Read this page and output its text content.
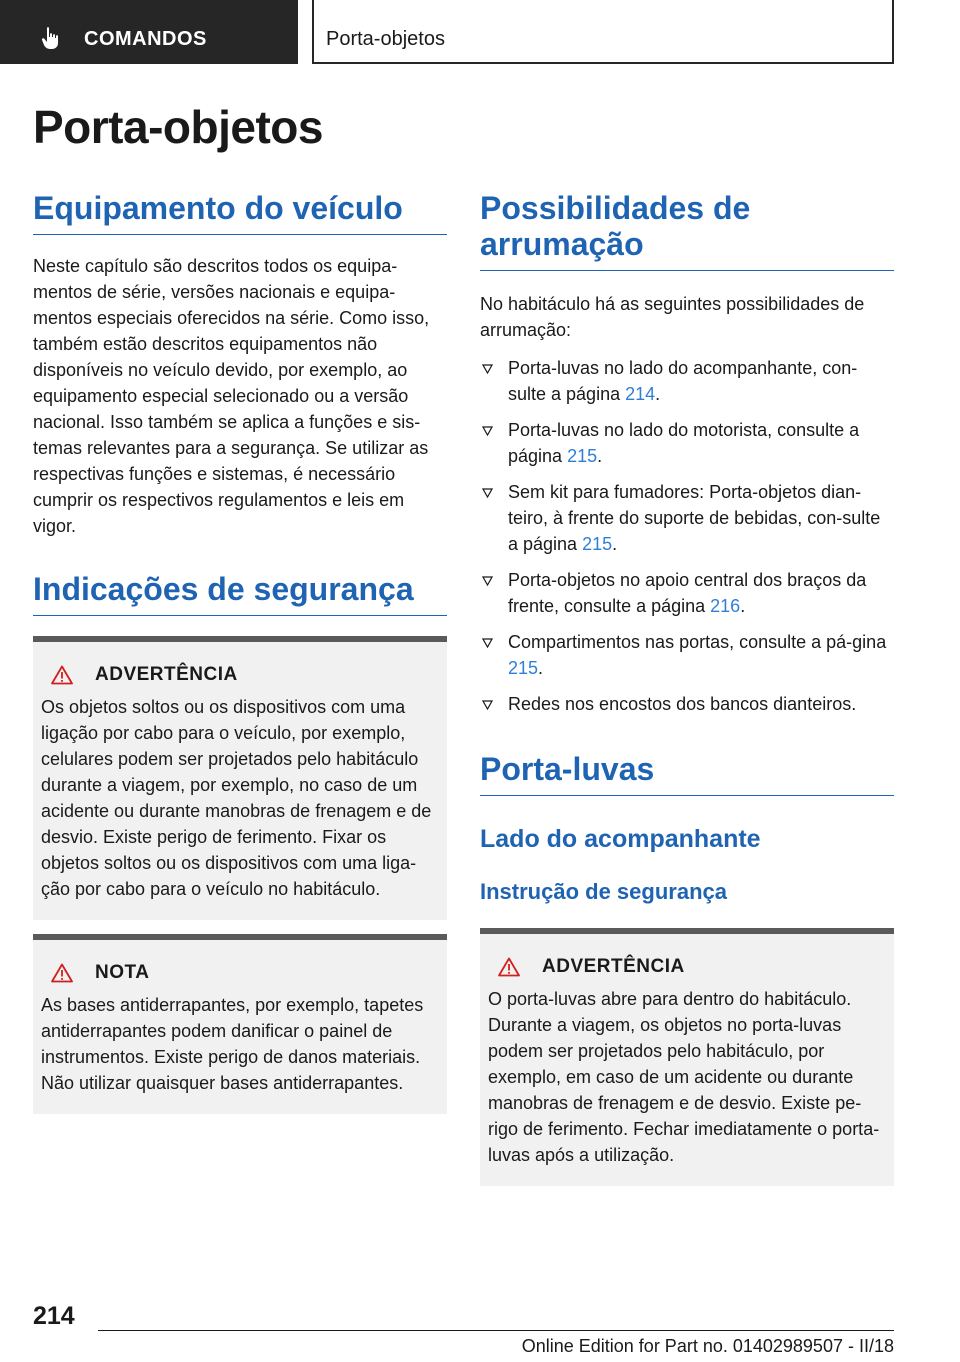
COMANDOS	Porta-objetos
Porta-objetos
Equipamento do veículo

Neste capítulo são descritos todos os equipa-mentos de série, versões nacionais e equipa-mentos especiais oferecidos na série. Como isso, também estão descritos equipamentos não disponíveis no veículo devido, por exemplo, ao equipamento especial selecionado ou a versão nacional. Isso também se aplica a funções e sis-temas relevantes para a segurança. Se utilizar as respectivas funções e sistemas, é necessário cumprir os respectivos regulamentos e leis em vigor.

Indicações de segurança
ADVERTÊNCIA

Os objetos soltos ou os dispositivos com uma ligação por cabo para o veículo, por exemplo, celulares podem ser projetados pelo habitáculo durante a viagem, por exemplo, no caso de um acidente ou durante manobras de frenagem e de desvio. Existe perigo de ferimento. Fixar os objetos soltos ou os dispositivos com uma liga-ção por cabo para o veículo no habitáculo.

NOTA

As bases antiderrapantes, por exemplo, tapetes antiderrapantes podem danificar o painel de instrumentos. Existe perigo de danos materiais. Não utilizar quaisquer bases antiderrapantes.

Possibilidades de arrumação

No habitáculo há as seguintes possibilidades de arrumação:

Porta-luvas no lado do acompanhante, con-sulte a página 214.
Porta-luvas no lado do motorista, consulte a página 215.
Sem kit para fumadores: Porta-objetos dian-teiro, à frente do suporte de bebidas, con-sulte a página 215.
Porta-objetos no apoio central dos braços da frente, consulte a página 216.
Compartimentos nas portas, consulte a pá-gina 215.
Redes nos encostos dos bancos dianteiros.
Porta-luvas
Lado do acompanhante
Instrução de segurança
ADVERTÊNCIA

O porta-luvas abre para dentro do habitáculo. Durante a viagem, os objetos no porta-luvas podem ser projetados pelo habitáculo, por exemplo, em caso de um acidente ou durante manobras de frenagem e de desvio. Existe pe-rigo de ferimento. Fechar imediatamente o porta-luvas após a utilização.

214
Online Edition for Part no. 01402989507 - II/18
